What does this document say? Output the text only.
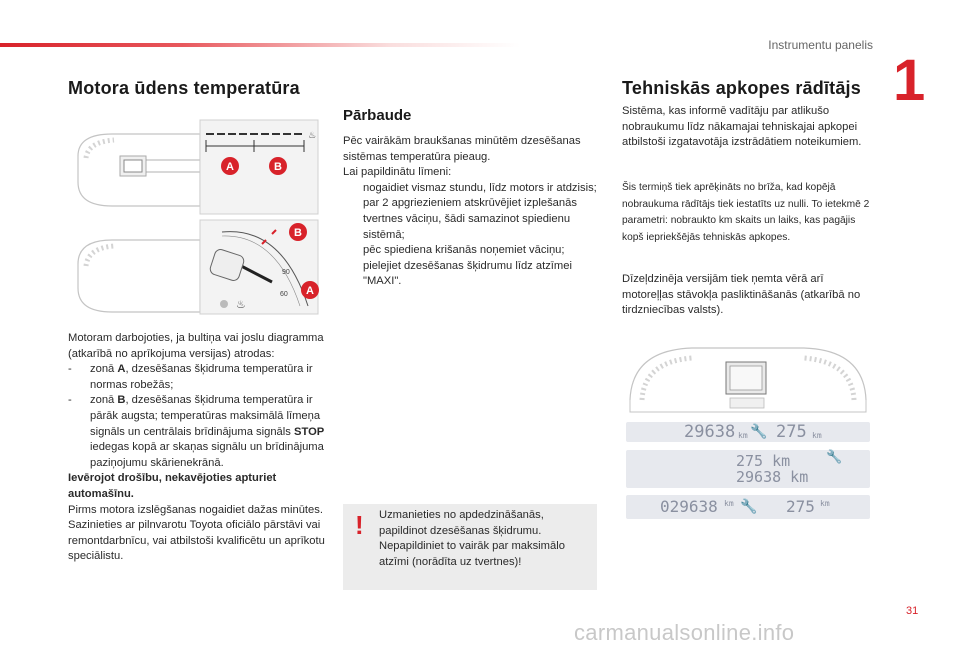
Instrumentu panelis
1
Motora ūdens temperatūra
♨
A	B
90
60
♨
B
A
Motoram darbojoties, ja bultiņa vai joslu diagramma (atkarībā no aprīkojuma versijas) atrodas:
- zonā A, dzesēšanas šķidruma temperatūra ir normas robežās;
- zonā B, dzesēšanas šķidruma temperatūra ir pārāk augsta; temperatūras maksimālā līmeņa signāls un centrālais brīdinājuma signāls STOP iedegas kopā ar skaņas signālu un brīdinājuma paziņojumu skārienekrānā.
Ievērojot drošību, nekavējoties apturiet automašīnu.
Pirms motora izslēgšanas nogaidiet dažas minūtes.
Sazinieties ar pilnvarotu Toyota oficiālo pārstāvi vai remontdarbnīcu, vai atbilstoši kvalificētu un aprīkotu speciālistu.
Pārbaude
Pēc vairākām braukšanas minūtēm dzesēšanas sistēmas temperatūra pieaug.
Lai papildinātu līmeni:
nogaidiet vismaz stundu, līdz motors ir atdzisis;
par 2 apgriezieniem atskrūvējiet izplešanās tvertnes vāciņu, šādi samazinot spiedienu sistēmā;
pēc spiediena krišanās noņemiet vāciņu;
pielejiet dzesēšanas šķidrumu līdz atzīmei "MAXI".
! Uzmanieties no apdedzināšanās, papildinot dzesēšanas šķidrumu. Nepapildiniet to vairāk par maksimālo atzīmi (norādīta uz tvertnes)!
Tehniskās apkopes rādītājs
Sistēma, kas informē vadītāju par atlikušo nobraukumu līdz nākamajai tehniskajai apkopei atbilstoši izgatavotāja izstrādātiem noteikumiem.
Šis termiņš tiek aprēķināts no brīža, kad kopējā nobraukuma rādītājs tiek iestatīts uz nulli. To ietekmē 2 parametri: nobraukto km skaits un laiks, kas pagājis kopš iepriekšējās tehniskās apkopes.
Dīzeļdzinēja versijām tiek ņemta vērā arī motoreļļas stāvokļa pasliktināšanās (atkarībā no tirdzniecības valsts).
29638 km 🔧 275 km
275 km	🔧
29638 km
029638 km 🔧 275 km
31
carmanualsonline.info
